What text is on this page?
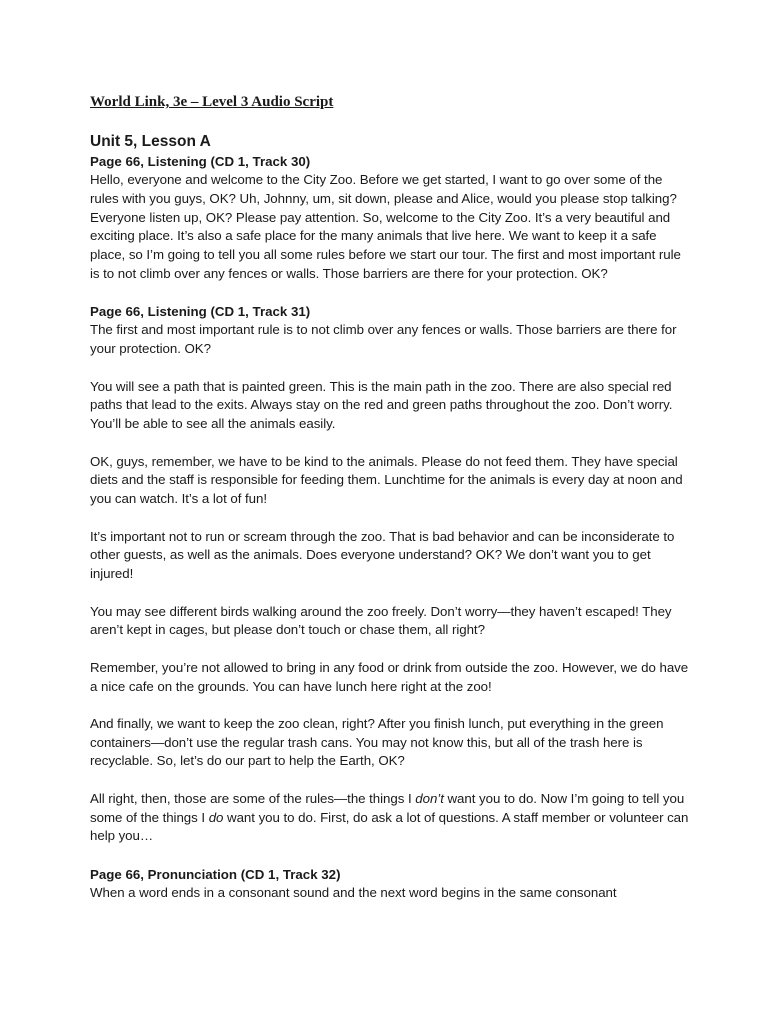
World Link, 3e – Level 3 Audio Script
Unit 5, Lesson A
Page 66, Listening (CD 1, Track 30)

Hello, everyone and welcome to the City Zoo. Before we get started, I want to go over some of the rules with you guys, OK? Uh, Johnny, um, sit down, please and Alice, would you please stop talking? Everyone listen up, OK? Please pay attention. So, welcome to the City Zoo. It’s a very beautiful and exciting place. It’s also a safe place for the many animals that live here. We want to keep it a safe place, so I’m going to tell you all some rules before we start our tour. The first and most important rule is to not climb over any fences or walls. Those barriers are there for your protection. OK?

Page 66, Listening (CD 1, Track 31)

The first and most important rule is to not climb over any fences or walls. Those barriers are there for your protection. OK?

You will see a path that is painted green. This is the main path in the zoo. There are also special red paths that lead to the exits. Always stay on the red and green paths throughout the zoo. Don’t worry. You’ll be able to see all the animals easily.

OK, guys, remember, we have to be kind to the animals. Please do not feed them. They have special diets and the staff is responsible for feeding them. Lunchtime for the animals is every day at noon and you can watch. It’s a lot of fun!

It’s important not to run or scream through the zoo. That is bad behavior and can be inconsiderate to other guests, as well as the animals. Does everyone understand? OK? We don’t want you to get injured!

You may see different birds walking around the zoo freely. Don’t worry—they haven’t escaped! They aren’t kept in cages, but please don’t touch or chase them, all right?

Remember, you’re not allowed to bring in any food or drink from outside the zoo. However, we do have a nice cafe on the grounds. You can have lunch here right at the zoo!

And finally, we want to keep the zoo clean, right? After you finish lunch, put everything in the green containers—don’t use the regular trash cans. You may not know this, but all of the trash here is recyclable. So, let’s do our part to help the Earth, OK?

All right, then, those are some of the rules—the things I don’t want you to do. Now I’m going to tell you some of the things I do want you to do. First, do ask a lot of questions. A staff member or volunteer can help you…

Page 66, Pronunciation (CD 1, Track 32)

When a word ends in a consonant sound and the next word begins in the same consonant
